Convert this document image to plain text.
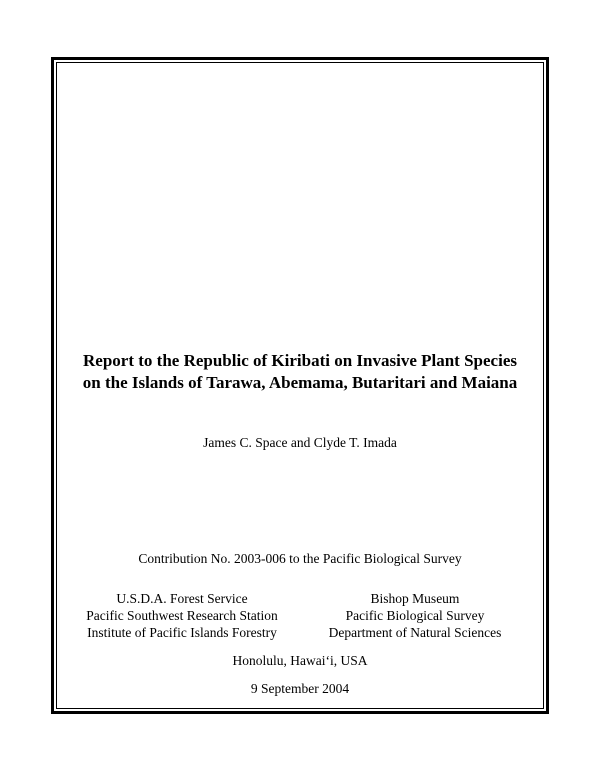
Report to the Republic of Kiribati on Invasive Plant Species
on the Islands of Tarawa, Abemama, Butaritari and Maiana
James C. Space and Clyde T. Imada
Contribution No. 2003-006 to the Pacific Biological Survey
U.S.D.A. Forest Service
Pacific Southwest Research Station
Institute of Pacific Islands Forestry
Bishop Museum
Pacific Biological Survey
Department of Natural Sciences
Honolulu, Hawai‘i, USA
9 September 2004
